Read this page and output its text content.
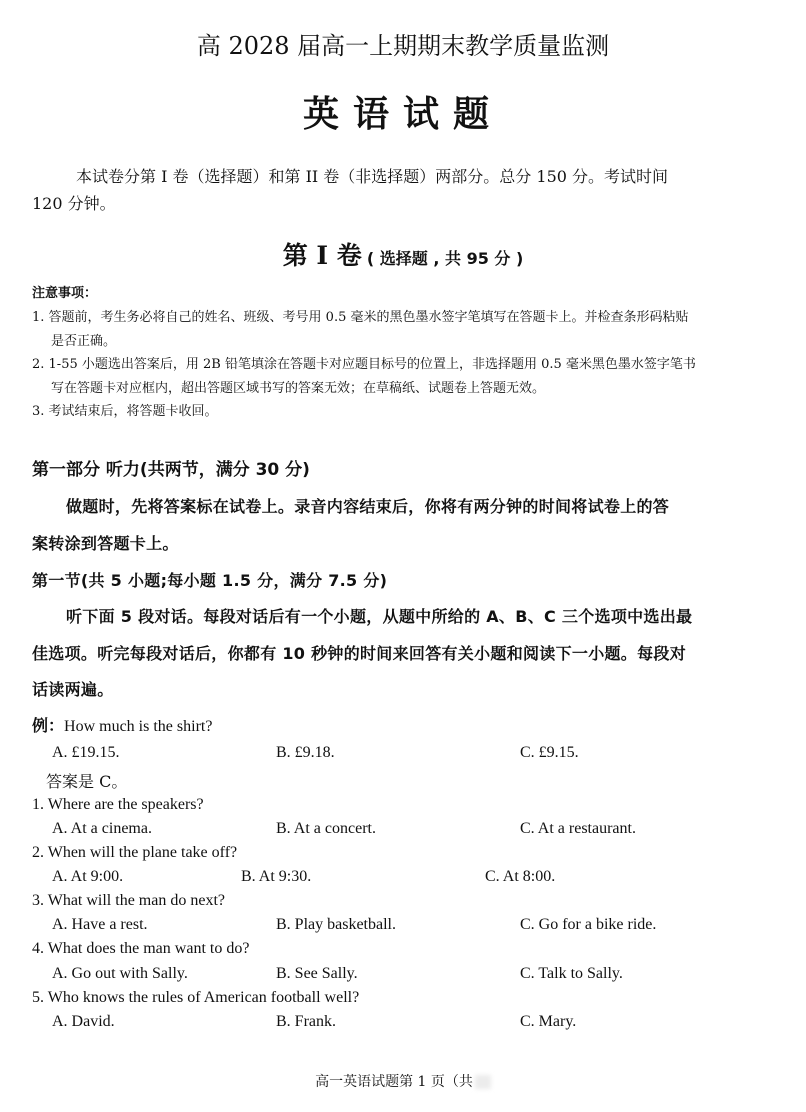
高 2028 届高一上期期末教学质量监测
英语试题
本试卷分第 I 卷（选择题）和第 II 卷（非选择题）两部分。总分 150 分。考试时间
120 分钟。
第 Ⅰ 卷 ( 选择题 , 共 95 分 )
注意事项：
1. 答题前，考生务必将自己的姓名、班级、考号用 0.5 毫米的黑色墨水签字笔填写在答题卡上。并检查条形码粘贴
是否正确。
2. 1-55 小题选出答案后，用 2B 铅笔填涂在答题卡对应题目标号的位置上，非选择题用 0.5 毫米黑色墨水签字笔书
写在答题卡对应框内，超出答题区域书写的答案无效；在草稿纸、试题卷上答题无效。
3. 考试结束后，将答题卡收回。
第一部分 听力(共两节，满分 30 分)
做题时，先将答案标在试卷上。录音内容结束后，你将有两分钟的时间将试卷上的答
案转涂到答题卡上。
第一节(共 5 小题;每小题 1.5 分，满分 7.5 分)
听下面 5 段对话。每段对话后有一个小题，从题中所给的 A、B、C 三个选项中选出最
佳选项。听完每段对话后，你都有 10 秒钟的时间来回答有关小题和阅读下一小题。每段对
话读两遍。
例：How much is the shirt?
A. £19.15.	B. £9.18.	C. £9.15.
答案是 C。
1. Where are the speakers?
A. At a cinema.	B. At a concert.	C. At a restaurant.
2. When will the plane take off?
A. At 9:00.	B. At 9:30.	C. At 8:00.
3. What will the man do next?
A. Have a rest.	B. Play basketball.	C. Go for a bike ride.
4. What does the man want to do?
A. Go out with Sally.	B. See Sally.	C. Talk to Sally.
5. Who knows the rules of American football well?
A. David.	B. Frank.	C. Mary.
高一英语试题第 1 页（共
